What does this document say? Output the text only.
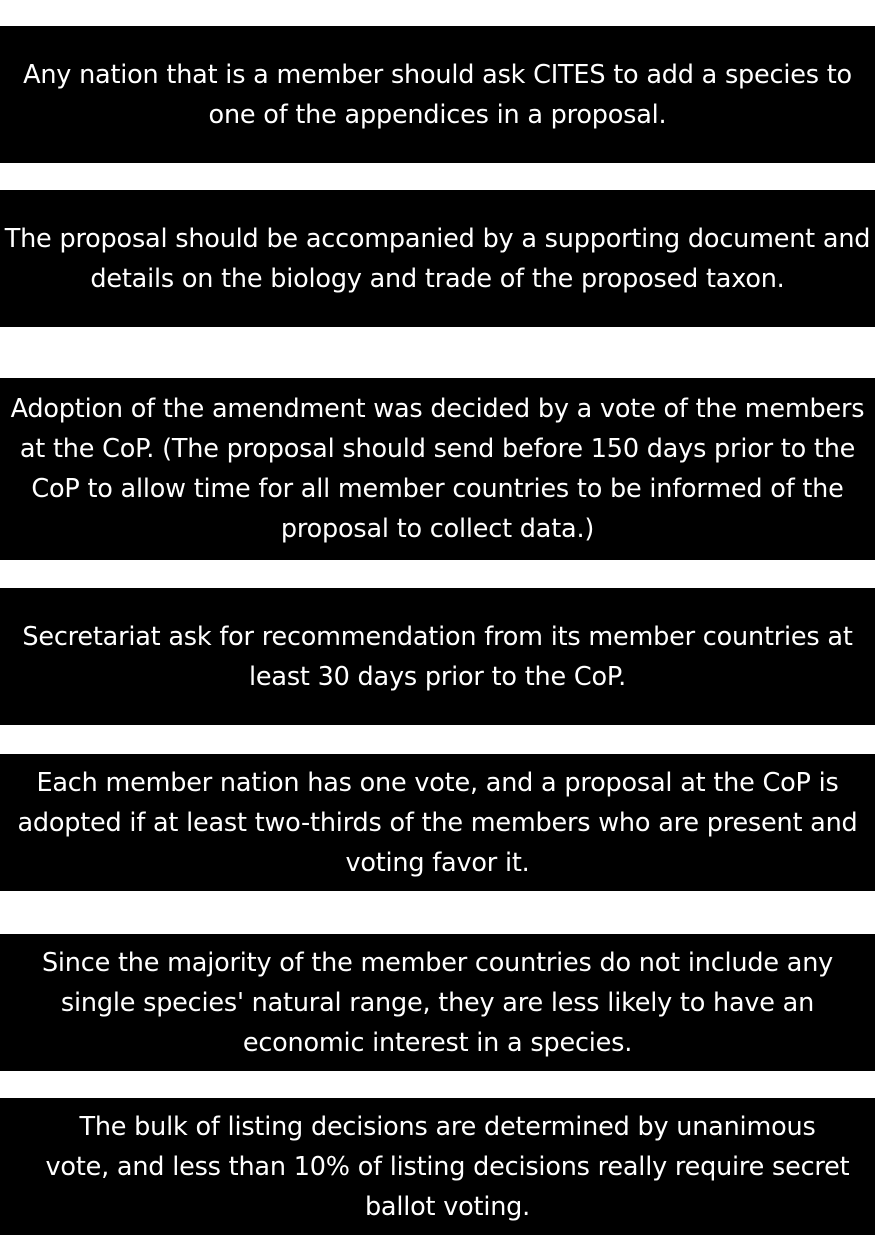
Any nation that is a member should ask CITES to add a species to one of the appendices in a proposal.
The proposal should be accompanied by a supporting document and details on the biology and trade of the proposed taxon.
Adoption of the amendment was decided by a vote of the members at the CoP. (The proposal should send before 150 days prior to the CoP to allow time for all member countries to be informed of the proposal to collect data.)
Secretariat ask for recommendation from its member countries at least 30 days prior to the CoP.
Each member nation has one vote, and a proposal at the CoP is adopted if at least two-thirds of the members who are present and voting favor it.
Since the majority of the member countries do not include any single species' natural range, they are less likely to have an economic interest in a species.
The bulk of listing decisions are determined by unanimous vote, and less than 10% of listing decisions really require secret ballot voting.
